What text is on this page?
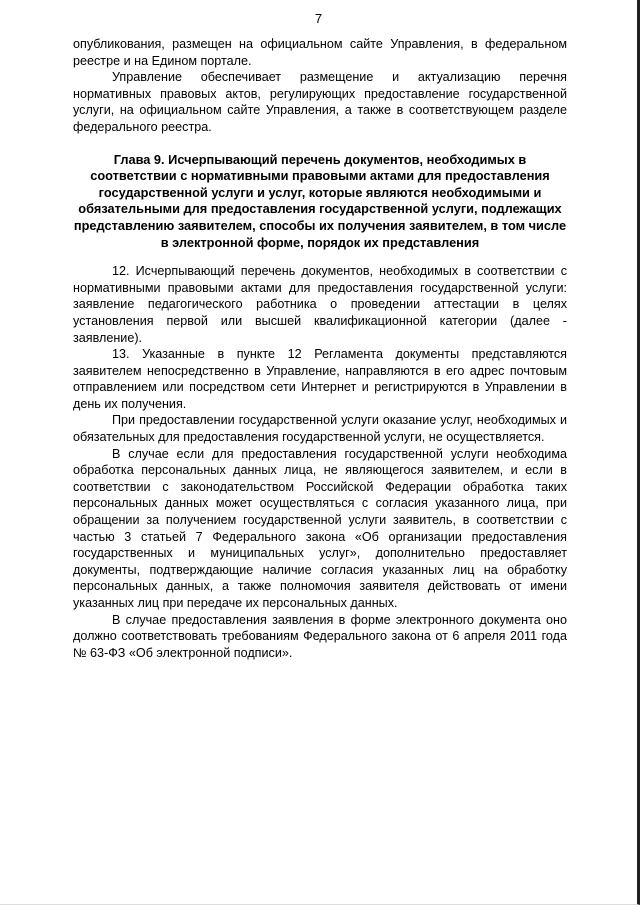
7

опубликования, размещен на официальном сайте Управления, в федеральном реестре и на Едином портале.

Управление обеспечивает размещение и актуализацию перечня нормативных правовых актов, регулирующих предоставление государственной услуги, на официальном сайте Управления, а также в соответствующем разделе федерального реестра.

Глава 9. Исчерпывающий перечень документов, необходимых в соответствии с нормативными правовыми актами для предоставления государственной услуги и услуг, которые являются необходимыми и обязательными для предоставления государственной услуги, подлежащих представлению заявителем, способы их получения заявителем, в том числе в электронной форме, порядок их представления

12. Исчерпывающий перечень документов, необходимых в соответствии с нормативными правовыми актами для предоставления государственной услуги: заявление педагогического работника о проведении аттестации в целях установления первой или высшей квалификационной категории (далее - заявление).

13. Указанные в пункте 12 Регламента документы представляются заявителем непосредственно в Управление, направляются в его адрес почтовым отправлением или посредством сети Интернет и регистрируются в Управлении в день их получения.

При предоставлении государственной услуги оказание услуг, необходимых и обязательных для предоставления государственной услуги, не осуществляется.

В случае если для предоставления государственной услуги необходима обработка персональных данных лица, не являющегося заявителем, и если в соответствии с законодательством Российской Федерации обработка таких персональных данных может осуществляться с согласия указанного лица, при обращении за получением государственной услуги заявитель, в соответствии с частью 3 статьей 7 Федерального закона «Об организации предоставления государственных и муниципальных услуг», дополнительно предоставляет документы, подтверждающие наличие согласия указанных лиц на обработку персональных данных, а также полномочия заявителя действовать от имени указанных лиц при передаче их персональных данных.

В случае предоставления заявления в форме электронного документа оно должно соответствовать требованиям Федерального закона от 6 апреля 2011 года № 63-ФЗ «Об электронной подписи».
